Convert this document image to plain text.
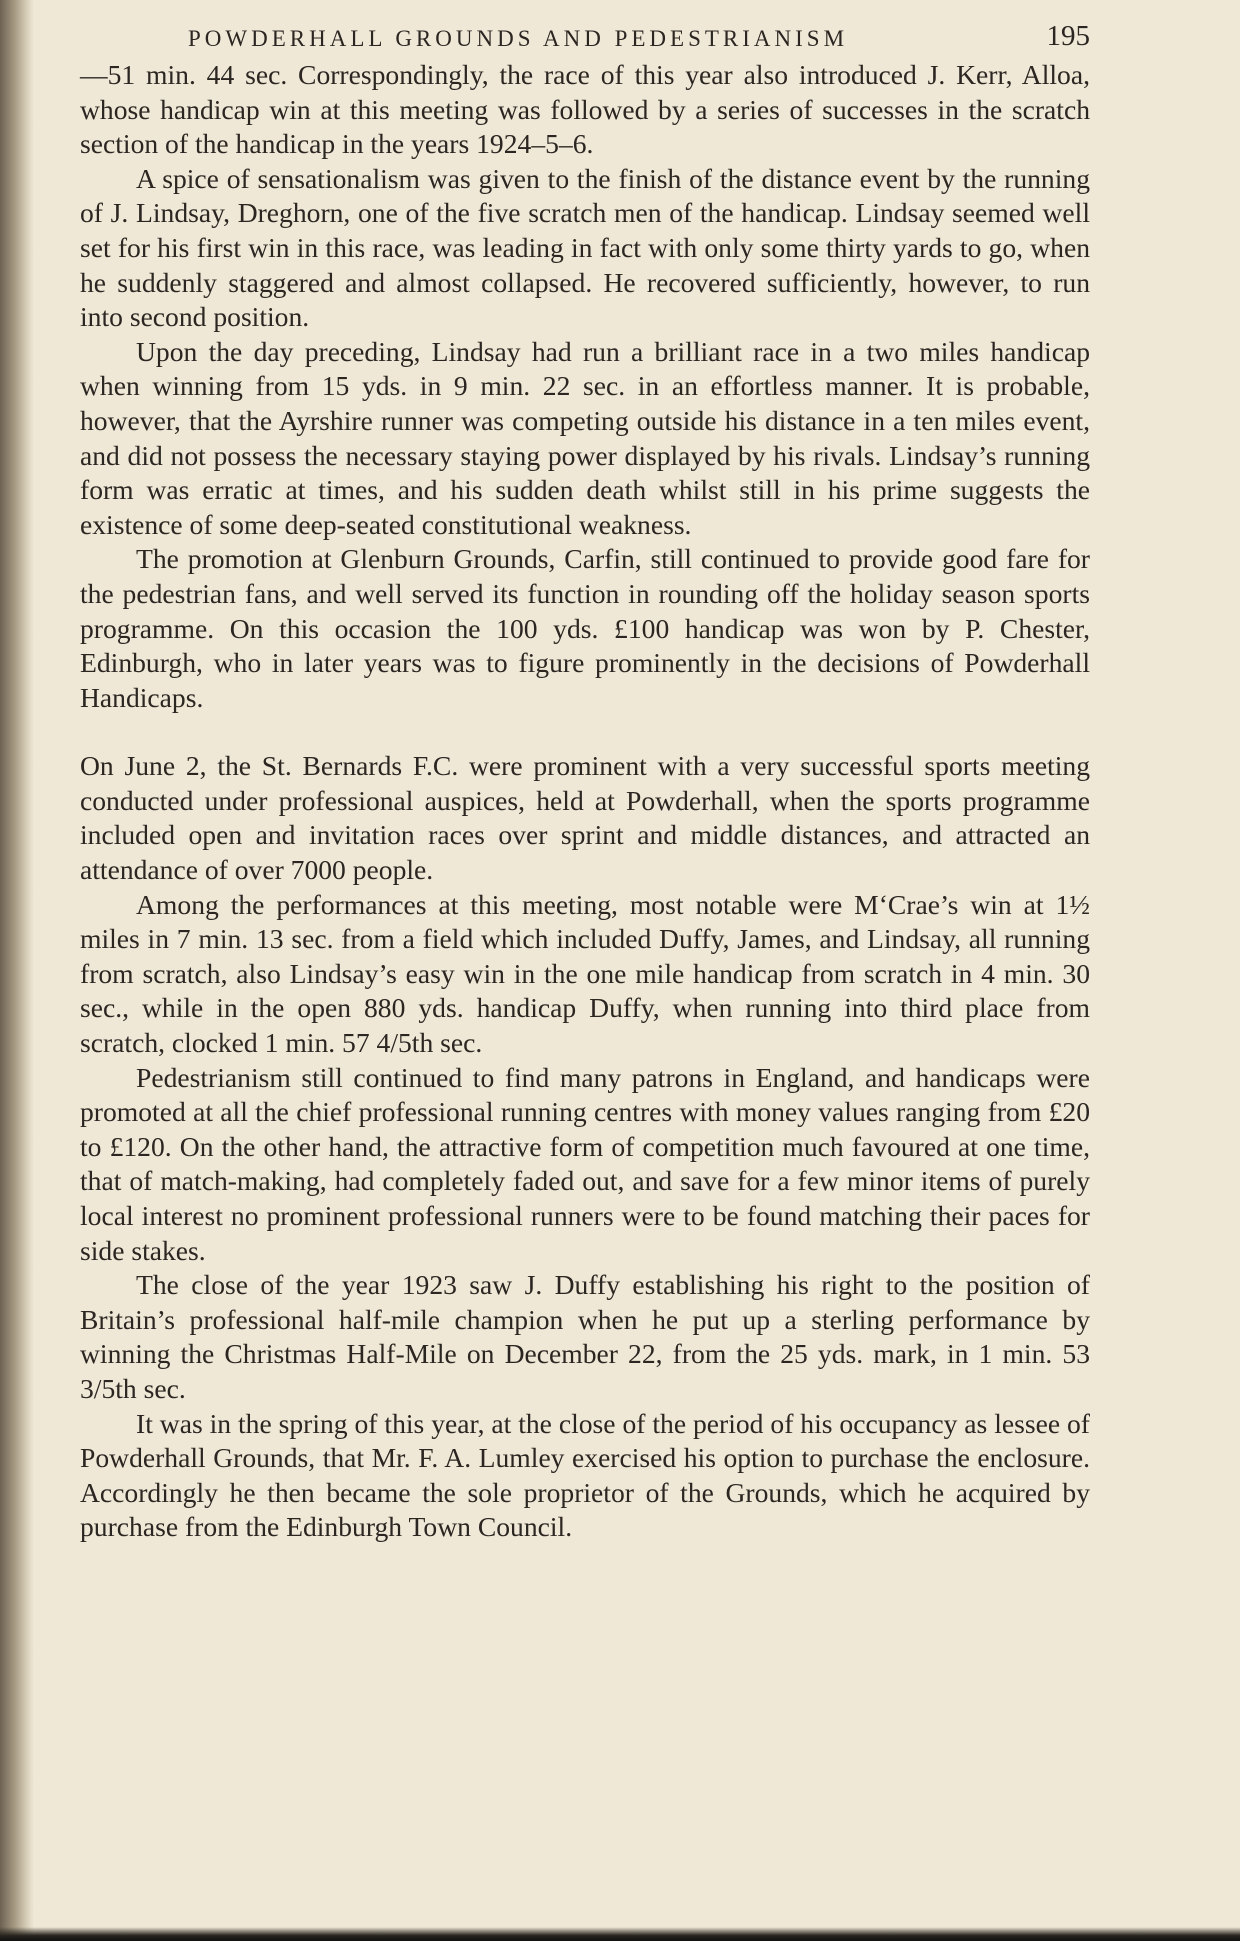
POWDERHALL GROUNDS AND PEDESTRIANISM	195

—51 min. 44 sec. Correspondingly, the race of this year also introduced J. Kerr, Alloa, whose handicap win at this meeting was followed by a series of successes in the scratch section of the handicap in the years 1924–5–6.

A spice of sensationalism was given to the finish of the distance event by the running of J. Lindsay, Dreghorn, one of the five scratch men of the handicap. Lindsay seemed well set for his first win in this race, was leading in fact with only some thirty yards to go, when he suddenly staggered and almost collapsed. He recovered sufficiently, however, to run into second position.

Upon the day preceding, Lindsay had run a brilliant race in a two miles handicap when winning from 15 yds. in 9 min. 22 sec. in an effortless manner. It is probable, however, that the Ayrshire runner was competing outside his distance in a ten miles event, and did not possess the necessary staying power displayed by his rivals. Lindsay’s running form was erratic at times, and his sudden death whilst still in his prime suggests the existence of some deep-seated constitutional weakness.

The promotion at Glenburn Grounds, Carfin, still continued to provide good fare for the pedestrian fans, and well served its function in rounding off the holiday season sports programme. On this occasion the 100 yds. £100 handicap was won by P. Chester, Edinburgh, who in later years was to figure prominently in the decisions of Powderhall Handicaps.

On June 2, the St. Bernards F.C. were prominent with a very successful sports meeting conducted under professional auspices, held at Powderhall, when the sports programme included open and invitation races over sprint and middle distances, and attracted an attendance of over 7000 people.

Among the performances at this meeting, most notable were M‘Crae’s win at 1½ miles in 7 min. 13 sec. from a field which included Duffy, James, and Lindsay, all running from scratch, also Lindsay’s easy win in the one mile handicap from scratch in 4 min. 30 sec., while in the open 880 yds. handicap Duffy, when running into third place from scratch, clocked 1 min. 57 4/5th sec.

Pedestrianism still continued to find many patrons in England, and handicaps were promoted at all the chief professional running centres with money values ranging from £20 to £120. On the other hand, the attractive form of competition much favoured at one time, that of match-making, had completely faded out, and save for a few minor items of purely local interest no prominent professional runners were to be found matching their paces for side stakes.

The close of the year 1923 saw J. Duffy establishing his right to the position of Britain’s professional half-mile champion when he put up a sterling performance by winning the Christmas Half-Mile on December 22, from the 25 yds. mark, in 1 min. 53 3/5th sec.

It was in the spring of this year, at the close of the period of his occupancy as lessee of Powderhall Grounds, that Mr. F. A. Lumley exercised his option to purchase the enclosure. Accordingly he then became the sole proprietor of the Grounds, which he acquired by purchase from the Edinburgh Town Council.
